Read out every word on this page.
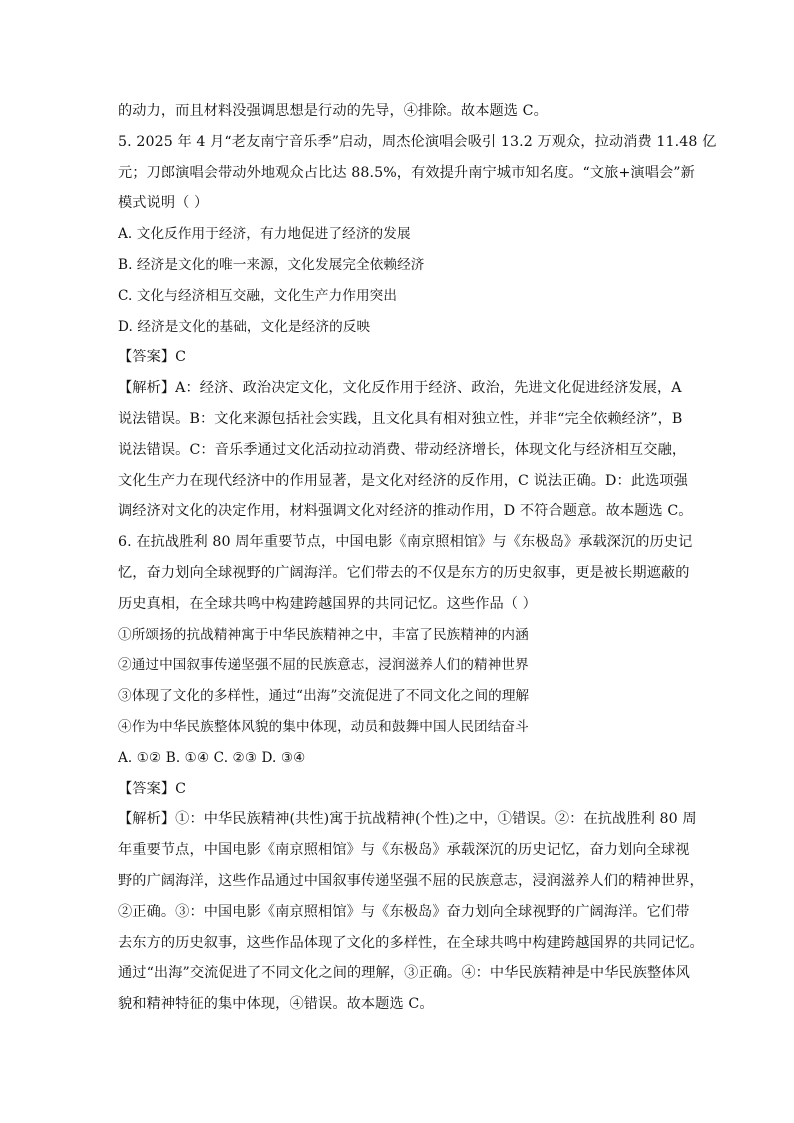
的动力，而且材料没强调思想是行动的先导，④排除。故本题选 C。
5. 2025 年 4 月“老友南宁音乐季”启动，周杰伦演唱会吸引 13.2 万观众，拉动消费 11.48 亿
元；刀郎演唱会带动外地观众占比达 88.5%，有效提升南宁城市知名度。“文旅+演唱会”新
模式说明（ ）
A. 文化反作用于经济，有力地促进了经济的发展
B. 经济是文化的唯一来源，文化发展完全依赖经济
C. 文化与经济相互交融，文化生产力作用突出
D. 经济是文化的基础，文化是经济的反映
【答案】C
【解析】A：经济、政治决定文化，文化反作用于经济、政治，先进文化促进经济发展，A
说法错误。B：文化来源包括社会实践，且文化具有相对独立性，并非“完全依赖经济”，B
说法错误。C：音乐季通过文化活动拉动消费、带动经济增长，体现文化与经济相互交融，
文化生产力在现代经济中的作用显著，是文化对经济的反作用，C 说法正确。D：此选项强
调经济对文化的决定作用，材料强调文化对经济的推动作用，D 不符合题意。故本题选 C。
6. 在抗战胜利 80 周年重要节点，中国电影《南京照相馆》与《东极岛》承载深沉的历史记
忆，奋力划向全球视野的广阔海洋。它们带去的不仅是东方的历史叙事，更是被长期遮蔽的
历史真相，在全球共鸣中构建跨越国界的共同记忆。这些作品（ ）
①所颂扬的抗战精神寓于中华民族精神之中，丰富了民族精神的内涵
②通过中国叙事传递坚强不屈的民族意志，浸润滋养人们的精神世界
③体现了文化的多样性，通过“出海”交流促进了不同文化之间的理解
④作为中华民族整体风貌的集中体现，动员和鼓舞中国人民团结奋斗
A. ①② B. ①④ C. ②③ D. ③④
【答案】C
【解析】①：中华民族精神(共性)寓于抗战精神(个性)之中，①错误。②：在抗战胜利 80 周
年重要节点，中国电影《南京照相馆》与《东极岛》承载深沉的历史记忆，奋力划向全球视
野的广阔海洋，这些作品通过中国叙事传递坚强不屈的民族意志，浸润滋养人们的精神世界，
②正确。③：中国电影《南京照相馆》与《东极岛》奋力划向全球视野的广阔海洋。它们带
去东方的历史叙事，这些作品体现了文化的多样性，在全球共鸣中构建跨越国界的共同记忆。
通过“出海”交流促进了不同文化之间的理解，③正确。④：中华民族精神是中华民族整体风
貌和精神特征的集中体现，④错误。故本题选 C。
